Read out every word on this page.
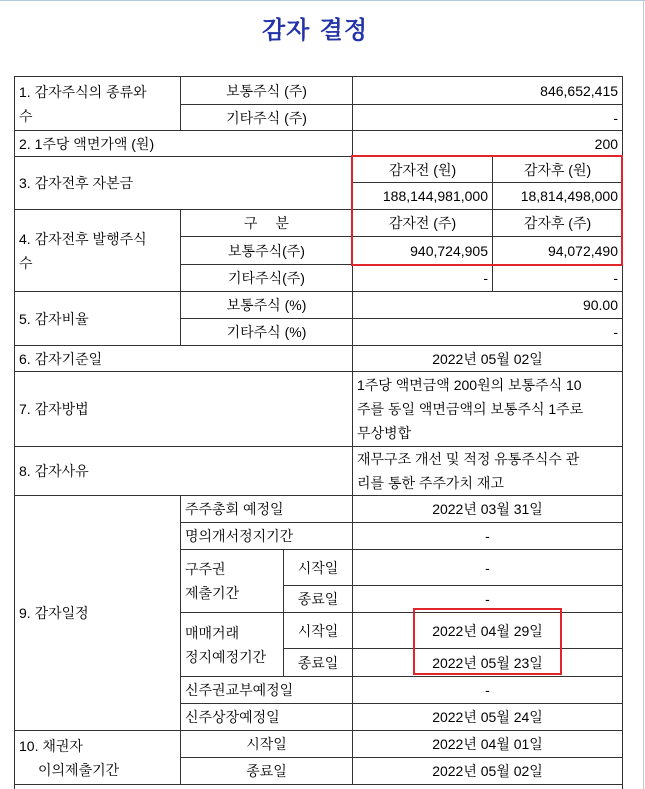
감자 결정
1. 감자주식의 종류와
수	보통주식 (주)		846,652,415	
	기타주식 (주)		-	
2. 1주당 액면가액 (원)			200	
3. 감자전후 자본금			감자전 (원)	감자후 (원)
			188,144,981,000	18,814,498,000

4. 감자전후 발행주식
수	구 분		감자전 (주)	감자후 (주)
	보통주식(주)		940,724,905	94,072,490
	기타주식(주)		-	-
5. 감자비율	보통주식 (%)		90.00	
	기타주식 (%)		-	
6. 감자기준일			2022년 05월 02일	
7. 감자방법			1주당 액면금액 200원의 보통주식 10
주를 동일 액면금액의 보통주식 1주로
무상병합	

8. 감자사유			재무구조 개선 및 적정 유통주식수 관
리를 통한 주주가치 재고	

9. 감자일정	주주총회 예정일		2022년 03월 31일	
	명의개서정지기간		-	

	구주권
제출기간	시작일	-	
		종료일	-	

	매매거래
정지예정기간	시작일	2022년 04월 29일	
		종료일	2022년 05월 23일	
	신주권교부예정일		-	
	신주상장예정일		2022년 05월 24일	

10. 채권자
이의제출기간	시작일		2022년 04월 01일	
	종료일		2022년 05월 02일	
